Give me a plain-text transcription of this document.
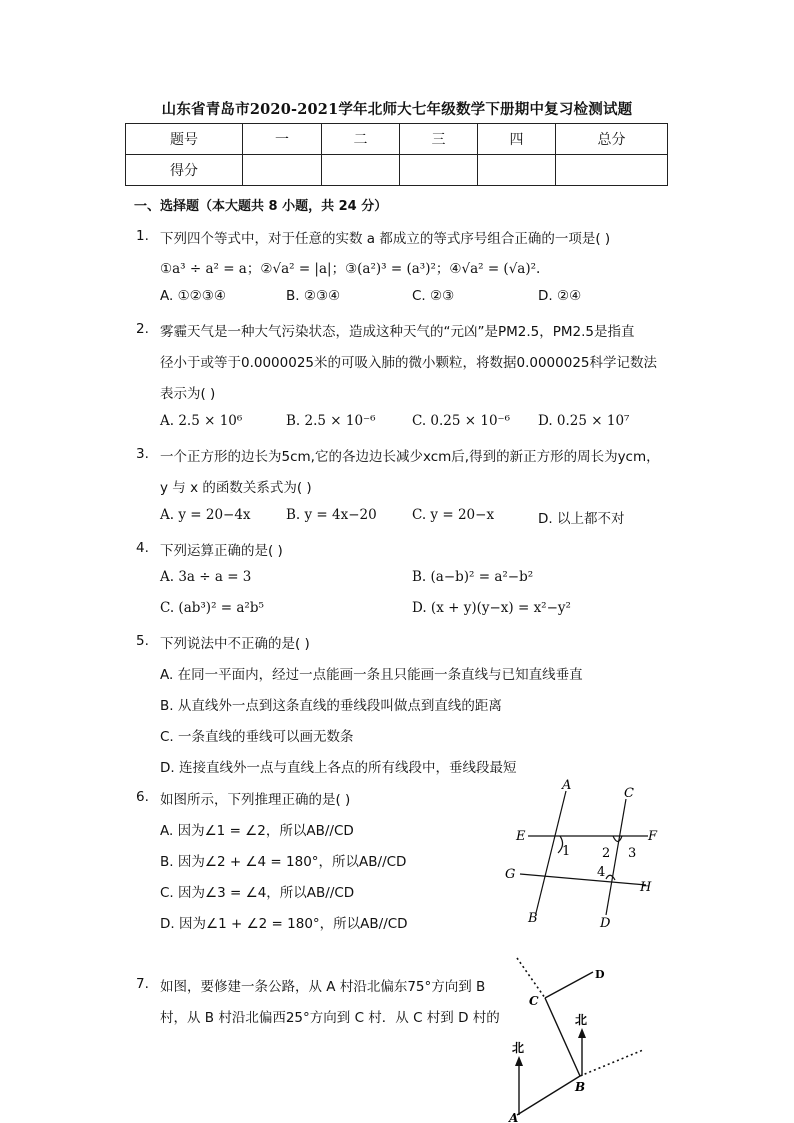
山东省青岛市2020-2021学年北师大七年级数学下册期中复习检测试题
题号	一	二	三	四	总分
得分					
一、选择题（本大题共 8 小题，共 24 分）
1. 下列四个等式中，对于任意的实数 a 都成立的等式序号组合正确的一项是( )
①a³ ÷ a² = a；②√a² = |a|；③(a²)³ = (a³)²；④√a² = (√a)².
A. ①②③④	B. ②③④	C. ②③	D. ②④
2. 雾霾天气是一种大气污染状态，造成这种天气的“元凶”是PM2.5，PM2.5是指直
径小于或等于0.0000025米的可吸入肺的微小颗粒，将数据0.0000025科学记数法
表示为( )
A. 2.5 × 10⁶	B. 2.5 × 10⁻⁶	C. 0.25 × 10⁻⁶ D. 0.25 × 10⁷
3. 一个正方形的边长为5cm,它的各边边长减少xcm后,得到的新正方形的周长为ycm，
y 与 x 的函数关系式为( )
A. y = 20−4x	B. y = 4x−20	C. y = 20−x	D. 以上都不对
4. 下列运算正确的是( )
A. 3a ÷ a = 3	B. (a−b)² = a²−b²
C. (ab³)² = a²b⁵	D. (x + y)(y−x) = x²−y²
5. 下列说法中不正确的是( )
A. 在同一平面内，经过一点能画一条且只能画一条直线与已知直线垂直
B. 从直线外一点到这条直线的垂线段叫做点到直线的距离
C. 一条直线的垂线可以画无数条
D. 连接直线外一点与直线上各点的所有线段中，垂线段最短
6. 如图所示，下列推理正确的是( )
A. 因为∠1 = ∠2，所以AB//CD
B. 因为∠2 + ∠4 = 180°，所以AB//CD
C. 因为∠3 = ∠4，所以AB//CD
D. 因为∠1 + ∠2 = 180°，所以AB//CD
A
B
C
D
E	F
G
H
1 2 3
4
7. 如图，要修建一条公路，从 A 村沿北偏东75°方向到 B
村，从 B 村沿北偏西25°方向到 C 村．从 C 村到 D 村的
A
B
C
D
北
北
